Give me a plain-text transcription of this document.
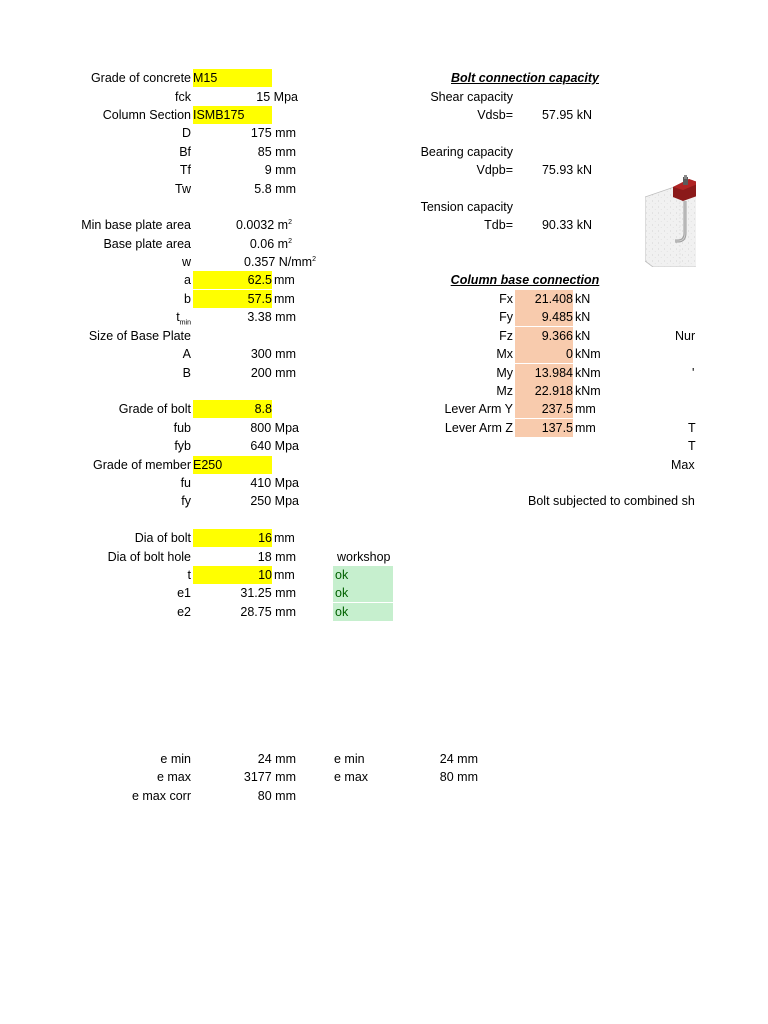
Grade of concrete M15
fck	15 Mpa
Column Section ISMB175
D	175 mm
Bf	85 mm
Tf	9 mm
Tw	5.8 mm
Min base plate area	0.0032 $m^2$
Base plate area	0.06 $m^2$
w	0.357 $N/mm^2$
a	62.5 mm
b	57.5 mm
$t_{min}$	3.38 mm
Size of Base Plate
A	300 mm
B	200 mm
Grade of bolt	8.8
fub	800 Mpa
fyb	640 Mpa
Grade of member E250
fu	410 Mpa
fy	250 Mpa
Dia of bolt	16 mm
Dia of bolt hole	18 mm	workshop
t	10 mm	ok
e1	31.25 mm	ok
e2	28.75 mm	ok
e min	24 mm
e max	3177 mm
e max corr	80 mm
e min	24 mm
e max	80 mm
Bolt connection capacity
Shear capacity
Vdsb=	57.95 kN
Bearing capacity
Vdpb=	75.93 kN
Tension capacity
Tdb=	90.33 kN
Column base connection
Fx	21.408 kN
Fy	9.485 kN
Fz	9.366 kN
Mx	0 kNm
My	13.984 kNm
Mz	22.918 kNm
Lever Arm Y	237.5 mm
Lever Arm Z	137.5 mm
Bolt subjected to combined sh
Nur
'
T
T
Max
